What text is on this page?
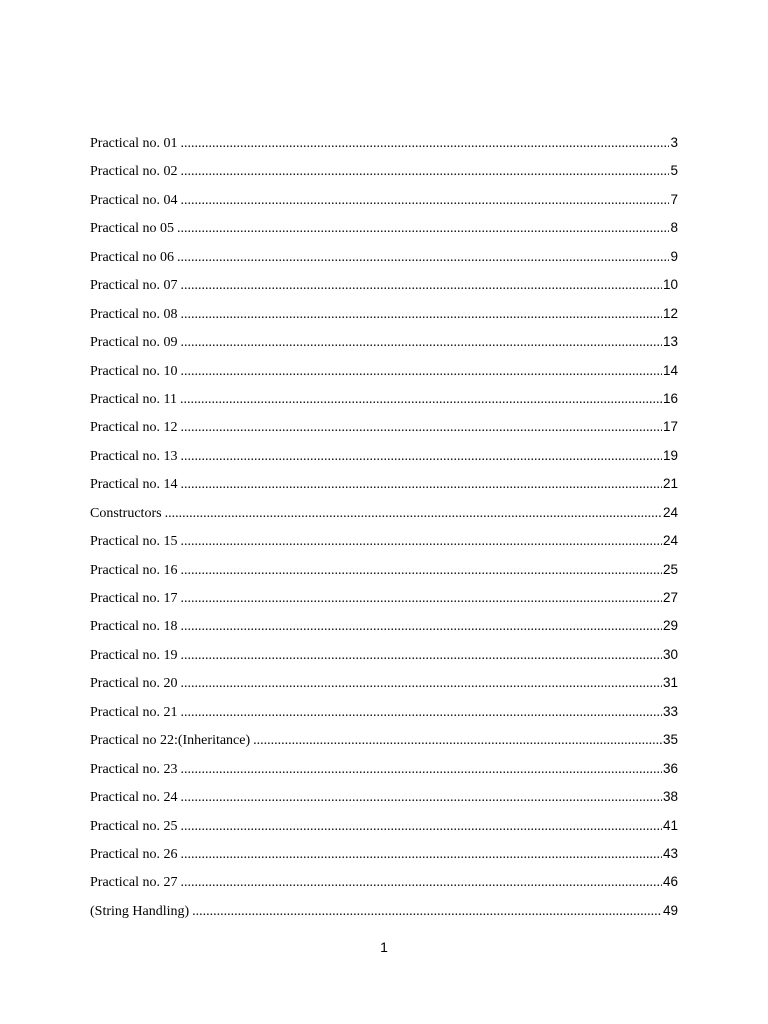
Practical no. 01 .....	3
Practical no. 02 .....	5
Practical no. 04 .....	7
Practical no 05 .....	8
Practical no 06 .....	9
Practical no. 07 .....	10
Practical no. 08 .....	12
Practical no. 09 .....	13
Practical no. 10 .....	14
Practical no. 11 .....	16
Practical no. 12 .....	17
Practical no. 13 .....	19
Practical no. 14 .....	21
Constructors .....	24
Practical no. 15 .....	24
Practical no. 16 .....	25
Practical no. 17 .....	27
Practical no. 18 .....	29
Practical no. 19 .....	30
Practical no. 20 .....	31
Practical no. 21 .....	33
Practical no 22:(Inheritance) .....	35
Practical no. 23 .....	36
Practical no. 24 .....	38
Practical no. 25 .....	41
Practical no. 26 .....	43
Practical no. 27 .....	46
(String Handling) .....	49
1
